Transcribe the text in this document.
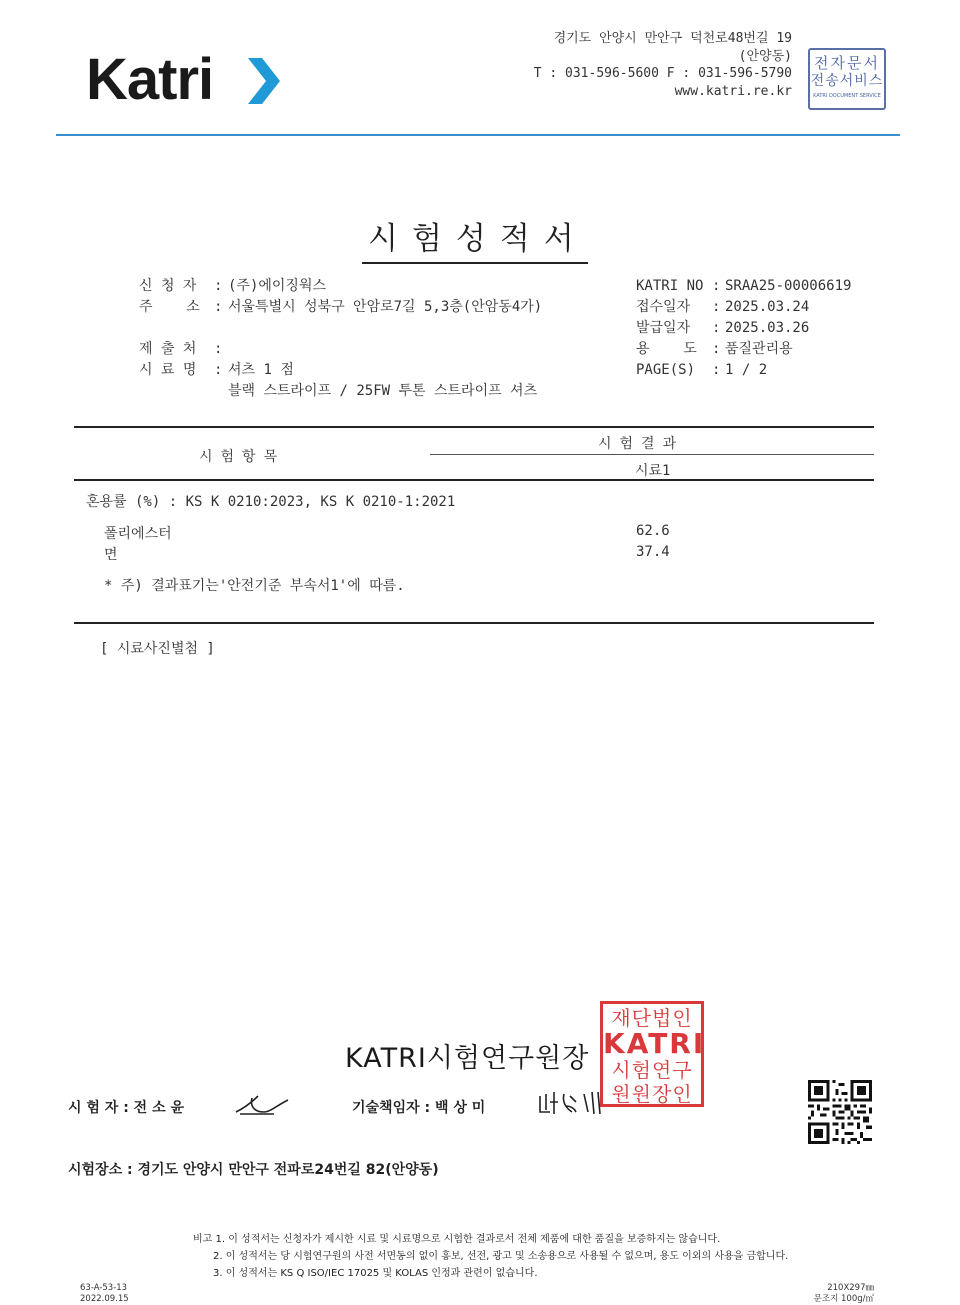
Katri
경기도 안양시 만안구 덕천로48번길 19
(안양동)
T : 031-596-5600 F : 031-596-5790
www.katri.re.kr
전자문서
전송서비스
KATRI DOCUMENT SERVICE
시험성적서
신 청 자 : (주)에이징웍스
주    소 : 서울특별시 성북구 안암로7길 5,3층(안암동4가)
제 출 처 :
시 료 명 : 셔츠 1 점
블랙 스트라이프 / 25FW 투톤 스트라이프 셔츠
KATRI NO : SRAA25-00006619
접수일자 : 2025.03.24
발급일자 : 2025.03.26
용    도 : 품질관리용
PAGE(S) : 1 / 2
시험항목
시험결과
시료1
혼용률 (%) : KS K 0210:2023, KS K 0210-1:2021
폴리에스터	62.6
면	37.4
* 주) 결과표기는'안전기준 부속서1'에 따름.
[ 시료사진별첨 ]
KATRI시험연구원장
재단법인
KATRI
시험연구
원원장인
시 험 자 : 전 소 윤	기술책임자 : 백 상 미
시험장소 : 경기도 안양시 만안구 전파로24번길 82(안양동)
비고 1. 이 성적서는 신청자가 제시한 시료 및 시료명으로 시험한 결과로서 전체 제품에 대한 품질을 보증하지는 않습니다.
2. 이 성적서는 당 시험연구원의 사전 서면동의 없이 홍보, 선전, 광고 및 소송용으로 사용될 수 없으며, 용도 이외의 사용을 금합니다.
3. 이 성적서는 KS Q ISO/IEC 17025 및 KOLAS 인정과 관련이 없습니다.
63-A-53-13
2022.09.15
210X297㎜
문조지 100g/㎡
